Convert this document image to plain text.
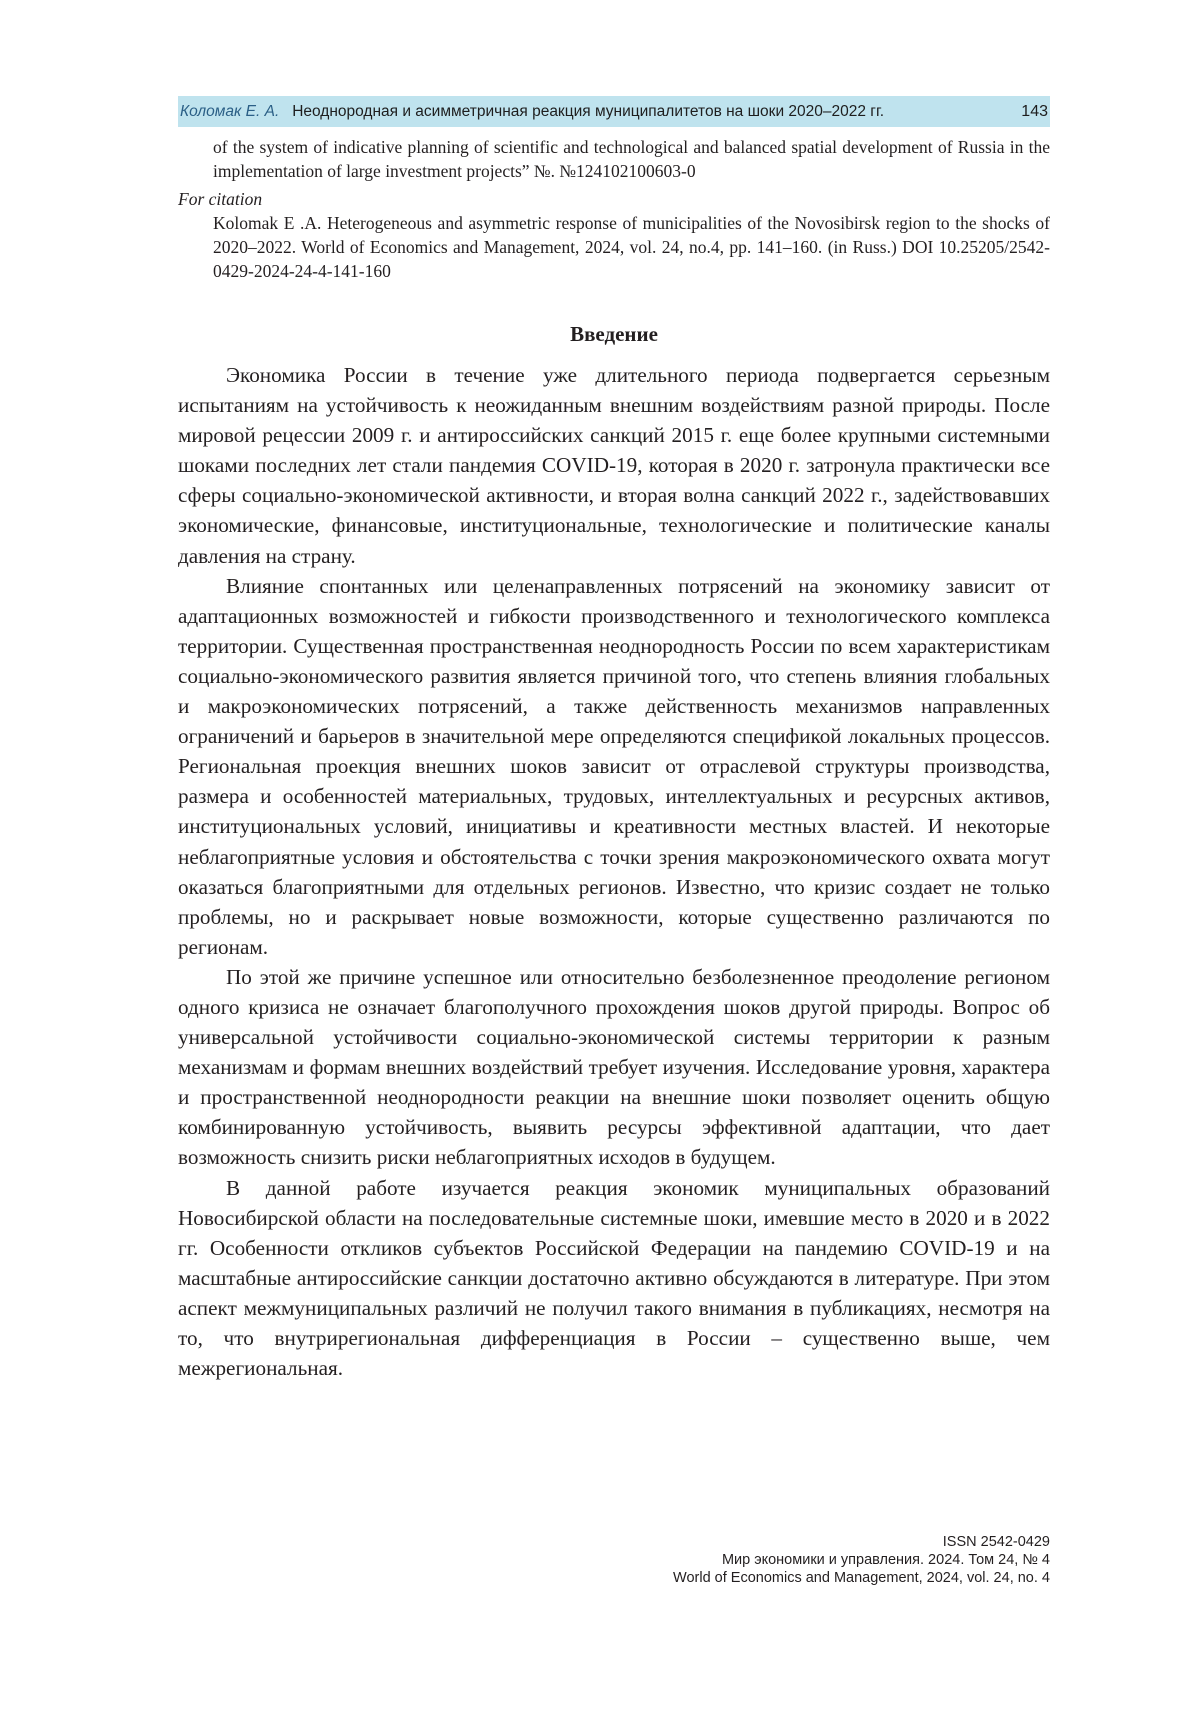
Коломак Е. А. Неоднородная и асимметричная реакция муниципалитетов на шоки 2020–2022 гг.	143
of the system of indicative planning of scientific and technological and balanced spatial development of Russia in the implementation of large investment projects” №. №124102100603-0
For citation
Kolomak E .A. Heterogeneous and asymmetric response of municipalities of the Novosibirsk region to the shocks of 2020–2022. World of Economics and Management, 2024, vol. 24, no.4, pp. 141–160. (in Russ.) DOI 10.25205/2542-0429-2024-24-4-141-160
Введение

Экономика России в течение уже длительного периода подвергается серьезным испытаниям на устойчивость к неожиданным внешним воздействиям разной природы. После мировой рецессии 2009 г. и антироссийских санкций 2015 г. еще более крупными системными шоками последних лет стали пандемия COVID-19, которая в 2020 г. затронула практически все сферы социально-экономической активности, и вторая волна санкций 2022 г., задействовавших экономические, финансовые, институциональные, технологические и политические каналы давления на страну.

Влияние спонтанных или целенаправленных потрясений на экономику зависит от адаптационных возможностей и гибкости производственного и технологического комплекса территории. Существенная пространственная неоднородность России по всем характеристикам социально-экономического развития является причиной того, что степень влияния глобальных и макроэкономических потрясений, а также действенность механизмов направленных ограничений и барьеров в значительной мере определяются спецификой локальных процессов. Региональная проекция внешних шоков зависит от отраслевой структуры производства, размера и особенностей материальных, трудовых, интеллектуальных и ресурсных активов, институциональных условий, инициативы и креативности местных властей. И некоторые неблагоприятные условия и обстоятельства с точки зрения макроэкономического охвата могут оказаться благоприятными для отдельных регионов. Известно, что кризис создает не только проблемы, но и раскрывает новые возможности, которые существенно различаются по регионам.

По этой же причине успешное или относительно безболезненное преодоление регионом одного кризиса не означает благополучного прохождения шоков другой природы. Вопрос об универсальной устойчивости социально-экономической системы территории к разным механизмам и формам внешних воздействий требует изучения. Исследование уровня, характера и пространственной неоднородности реакции на внешние шоки позволяет оценить общую комбинированную устойчивость, выявить ресурсы эффективной адаптации, что дает возможность снизить риски неблагоприятных исходов в будущем.

В данной работе изучается реакция экономик муниципальных образований Новосибирской области на последовательные системные шоки, имевшие место в 2020 и в 2022 гг. Особенности откликов субъектов Российской Федерации на пандемию COVID-19 и на масштабные антироссийские санкции достаточно активно обсуждаются в литературе. При этом аспект межмуниципальных различий не получил такого внимания в публикациях, несмотря на то, что внутрирегиональная дифференциация в России – существенно выше, чем межрегиональная.

ISSN 2542-0429
Мир экономики и управления. 2024. Том 24, № 4
World of Economics and Management, 2024, vol. 24, no. 4
